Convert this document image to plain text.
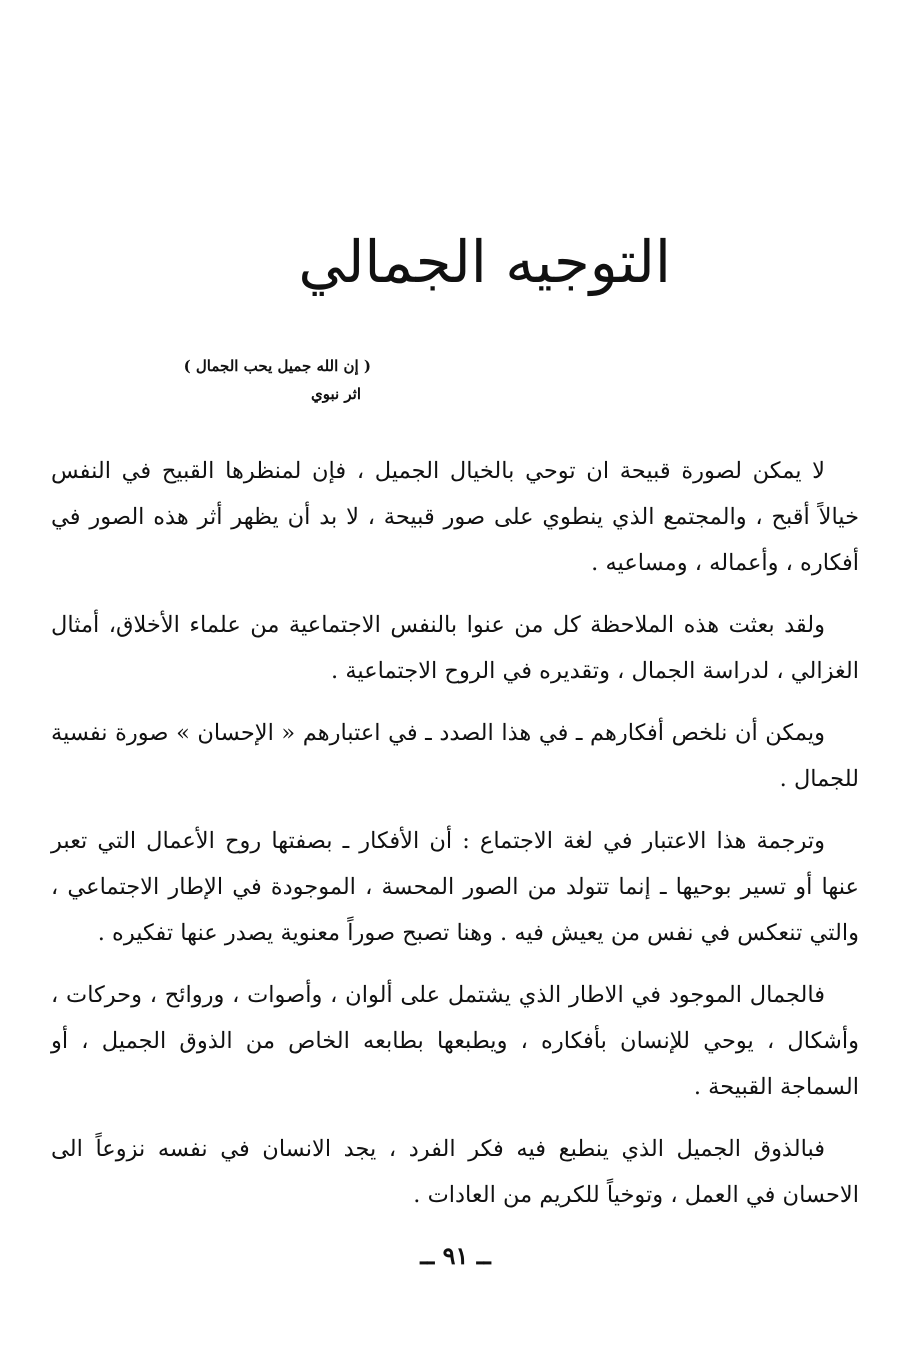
التوجيه الجمالي
( إن الله جميل يحب الجمال )
اثر نبوي

لا يمكن لصورة قبيحة ان توحي بالخيال الجميل ، فإن لمنظرها القبيح في النفس خيالاً أقبح ، والمجتمع الذي ينطوي على صور قبيحة ، لا بد أن يظهر أثر هذه الصور في أفكاره ، وأعماله ، ومساعيه .

ولقد بعثت هذه الملاحظة كل من عنوا بالنفس الاجتماعية من علماء الأخلاق، أمثال الغزالي ، لدراسة الجمال ، وتقديره في الروح الاجتماعية .

ويمكن أن نلخص أفكارهم ـ في هذا الصدد ـ في اعتبارهم « الإحسان » صورة نفسية للجمال .

وترجمة هذا الاعتبار في لغة الاجتماع : أن الأفكار ـ بصفتها روح الأعمال التي تعبر عنها أو تسير بوحيها ـ إنما تتولد من الصور المحسة ، الموجودة في الإطار الاجتماعي ، والتي تنعكس في نفس من يعيش فيه . وهنا تصبح صوراً معنوية يصدر عنها تفكيره .

فالجمال الموجود في الاطار الذي يشتمل على ألوان ، وأصوات ، وروائح ، وحركات ، وأشكال ، يوحي للإنسان بأفكاره ، ويطبعها بطابعه الخاص من الذوق الجميل ، أو السماجة القبيحة .

فبالذوق الجميل الذي ينطبع فيه فكر الفرد ، يجد الانسان في نفسه نزوعاً الى الاحسان في العمل ، وتوخياً للكريم من العادات .

ــ ٩١ ــ
